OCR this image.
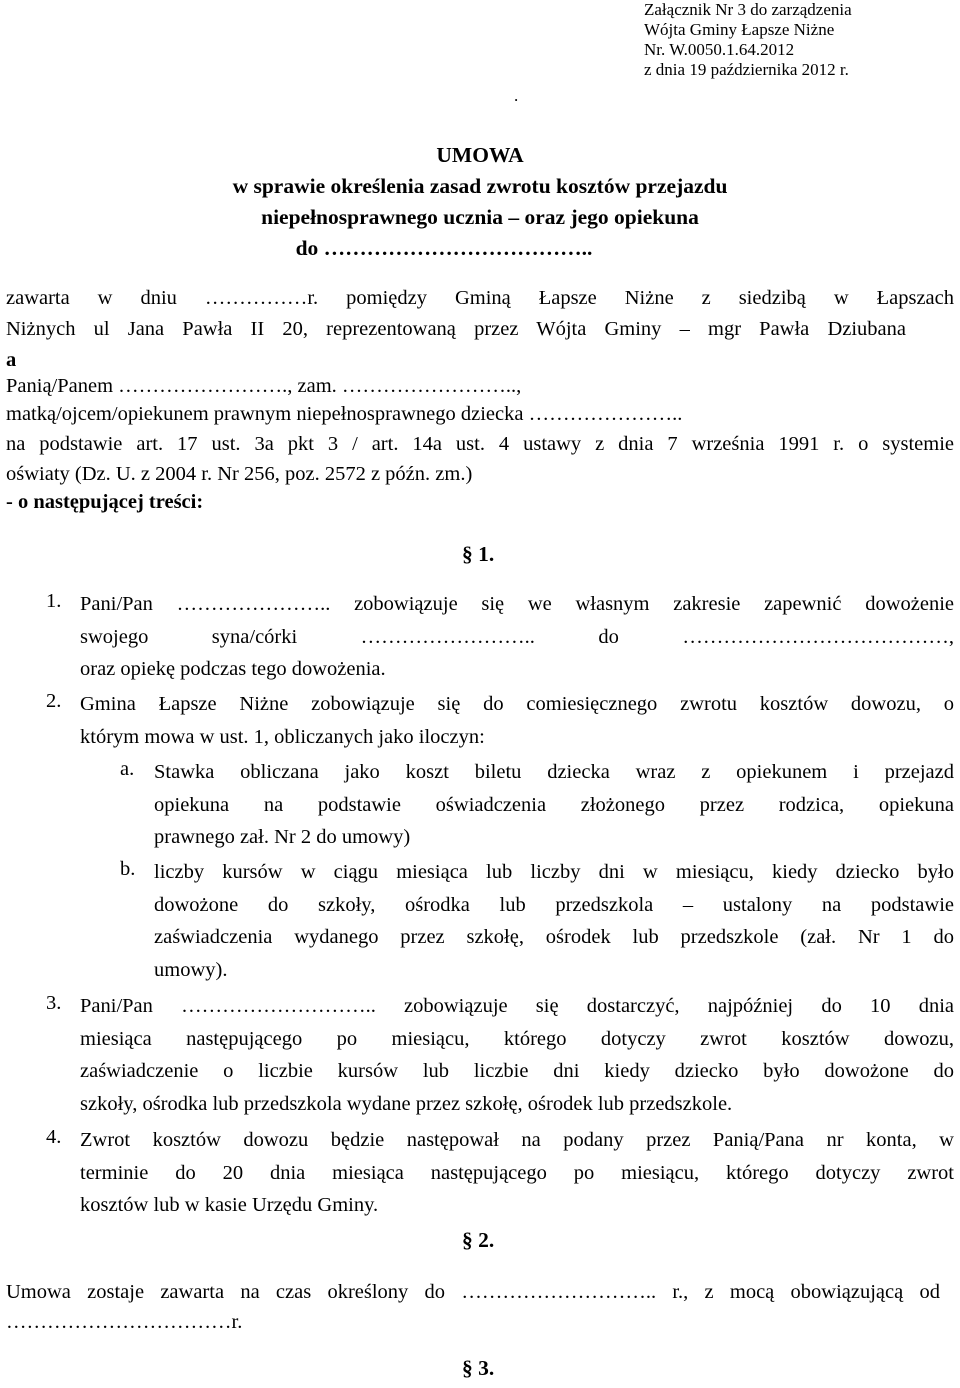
Załącznik Nr 3 do zarządzenia
Wójta Gminy Łapsze Niżne
Nr. W.0050.1.64.2012
z dnia 19 października 2012 r.
.
UMOWA
w sprawie określenia zasad zwrotu kosztów przejazdu
niepełnosprawnego ucznia – oraz jego opiekuna
do ………………………………..
zawarta w dniu ……………r. pomiędzy Gminą Łapsze Niżne z siedzibą w Łapszach
Niżnych ul Jana Pawła II 20, reprezentowaną przez Wójta Gminy – mgr Pawła Dziubana
a
Panią/Panem ……………………., zam. ……………………..,
matką/ojcem/opiekunem prawnym niepełnosprawnego dziecka …………………..
na podstawie art. 17 ust. 3a pkt 3 / art. 14a ust. 4 ustawy z dnia 7 września 1991 r. o systemie
oświaty (Dz. U. z 2004 r. Nr 256, poz. 2572 z późn. zm.)
- o następującej treści:
§ 1.
1. Pani/Pan ………………….. zobowiązuje się we własnym zakresie zapewnić dowożenie
swojego syna/córki …………………….. do …………………………………,
oraz opiekę podczas tego dowożenia.
2. Gmina Łapsze Niżne zobowiązuje się do comiesięcznego zwrotu kosztów dowozu, o
którym mowa w ust. 1, obliczanych jako iloczyn:
a. Stawka obliczana jako koszt biletu dziecka wraz z opiekunem i przejazd
opiekuna na podstawie oświadczenia złożonego przez rodzica, opiekuna
prawnego zał. Nr 2 do umowy)
b. liczby kursów w ciągu miesiąca lub liczby dni w miesiącu, kiedy dziecko było
dowożone do szkoły, ośrodka lub przedszkola – ustalony na podstawie
zaświadczenia wydanego przez szkołę, ośrodek lub przedszkole (zał. Nr 1 do
umowy).
3. Pani/Pan ……………………….. zobowiązuje się dostarczyć, najpóźniej do 10 dnia
miesiąca następującego po miesiącu, którego dotyczy zwrot kosztów dowozu,
zaświadczenie o liczbie kursów lub liczbie dni kiedy dziecko było dowożone do
szkoły, ośrodka lub przedszkola wydane przez szkołę, ośrodek lub przedszkole.
4. Zwrot kosztów dowozu będzie następował na podany przez Panią/Pana nr konta, w
terminie do 20 dnia miesiąca następującego po miesiącu, którego dotyczy zwrot
kosztów lub w kasie Urzędu Gminy.
§ 2.
Umowa zostaje zawarta na czas określony do ……………………….. r., z mocą obowiązującą od
……………………………r.
§ 3.
